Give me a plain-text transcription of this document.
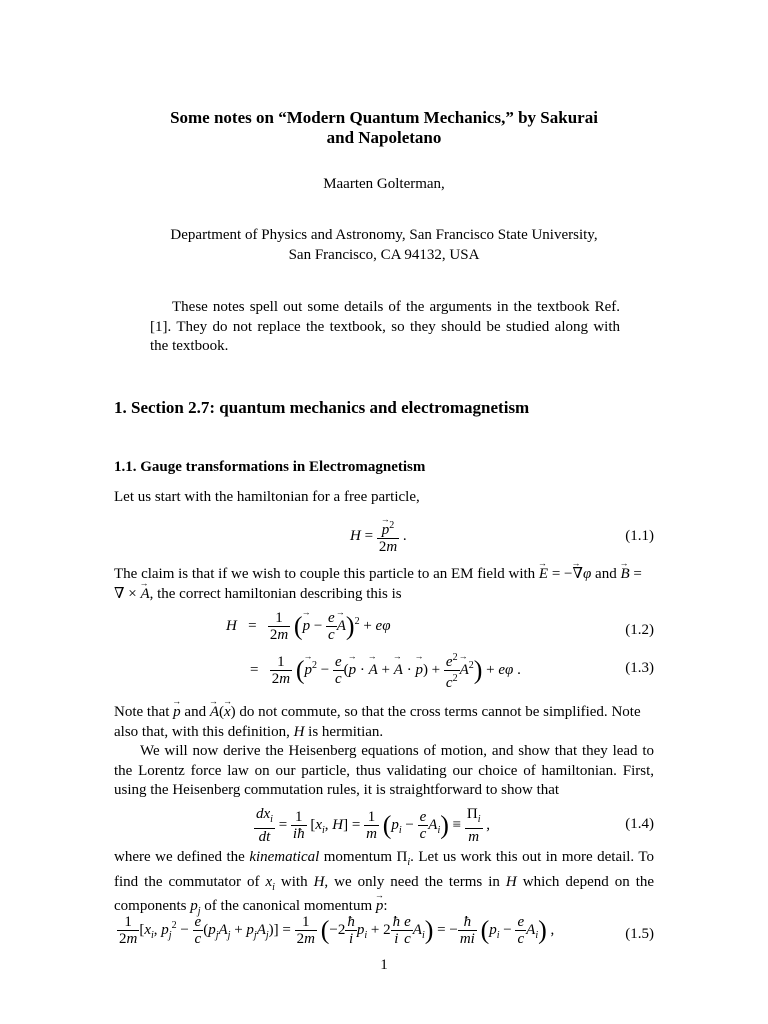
Some notes on “Modern Quantum Mechanics,” by Sakurai
and Napoletano
Maarten Golterman,
Department of Physics and Astronomy, San Francisco State University,
San Francisco, CA 94132, USA
These notes spell out some details of the arguments in the textbook Ref. [1]. They do not replace the textbook, so they should be studied along with the textbook.
1. Section 2.7: quantum mechanics and electromagnetism
1.1. Gauge transformations in Electromagnetism
Let us start with the hamiltonian for a free particle,
$H = \frac{p \to^2}{2m}$ .	(1.1)
The claim is that if we wish to couple this particle to an EM field with E → = −∇ →φ and B → = ∇ × A →, the correct hamiltonian describing this is
$H = \frac{1}{2m} (p$ → − $\frac{e}{c}$ A →)$^2$ + eφ	(1.2)
= $\frac{1}{2m} (p \to^2 - \frac{e}{c} (p$ → · A → + A → · p →) + $\frac{e^2}{c^2}$ A →$^2$) + eφ .	(1.3)
Note that p → and A →(x →) do not commute, so that the cross terms cannot be simplified. Note also that, with this definition, H is hermitian.
We will now derive the Heisenberg equations of motion, and show that they lead to the Lorentz force law on our particle, thus validating our choice of hamiltonian. First, using the Heisenberg commutation rules, it is straightforward to show that
$\frac{dx_i}{dt} = \frac{1}{iħ} [x_i$, $H] = \frac{1}{m} (p_i - \frac{e}{c} A_i) \equiv \frac{\Pi_i}{m}$ ,	(1.4)
where we defined the kinematical momentum $\Pi_i$. Let us work this out in more detail. To find the commutator of $x_i$ with H, we only need the terms in H which depend on the components $p_j$ of the canonical momentum p →:
$\frac{1}{2m} [x_i$, $p_j^2 - \frac{e}{c} (p_jA_j + p_jA_j)] = \frac{1}{2m} (-2 \frac{ħ}{i} p_i + 2 \frac{ħ}{i} \frac{e}{c} A_i)$ = − $\frac{ħ}{mi} (p_i - \frac{e}{c} A_i)$ ,	(1.5)
1
